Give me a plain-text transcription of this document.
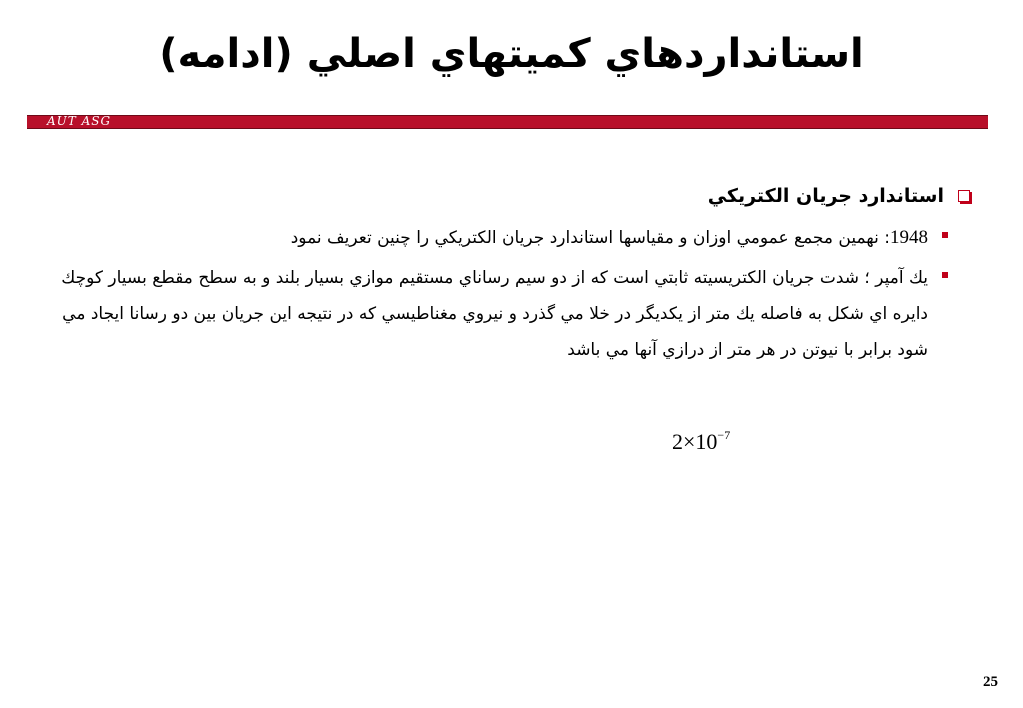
استانداردهاي كميتهاي اصلي (ادامه)
AUT ASG
استاندارد جريان الكتريكي
1948: نهمين مجمع عمومي اوزان و مقياسها استاندارد جريان الكتريكي را چنين تعريف نمود
يك آمپر ؛ شدت جريان الكتريسيته ثابتي است كه از دو سيم رساناي مستقيم موازي بسيار بلند و به سطح مقطع بسيار كوچك دايره اي شكل به فاصله يك متر از يكديگر در خلا مي گذرد و نيروي مغناطيسي كه در نتيجه اين جريان بين دو رسانا ايجاد مي شود برابر با نيوتن در هر متر از درازي آنها مي باشد
$2\times 10^{-7}$
25
